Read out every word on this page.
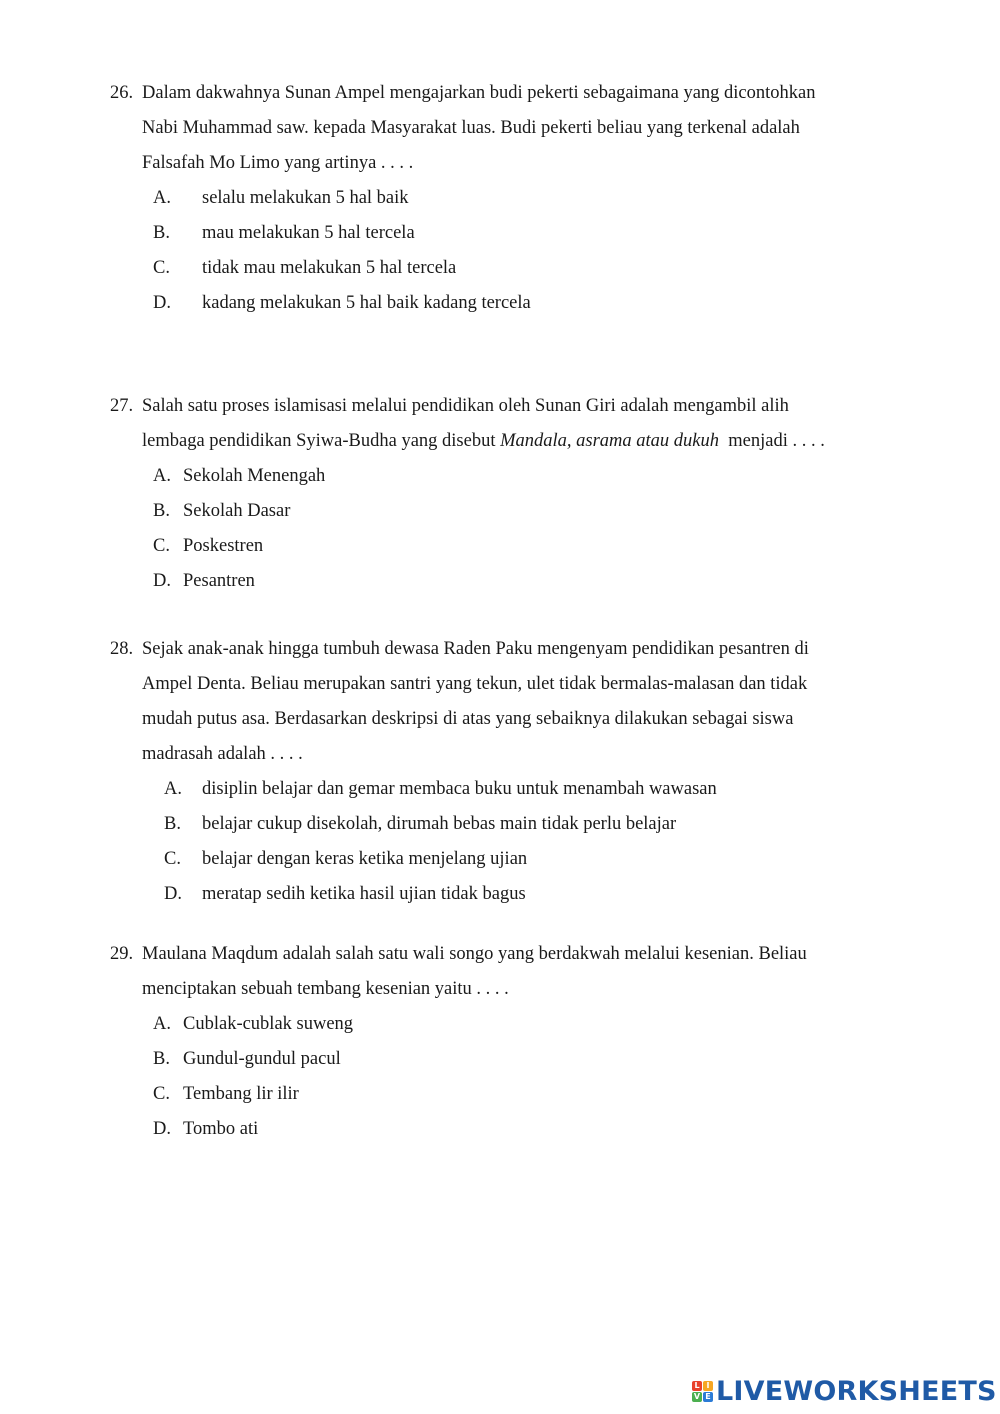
26. Dalam dakwahnya Sunan Ampel mengajarkan budi pekerti sebagaimana yang dicontohkan
Nabi Muhammad saw. kepada Masyarakat luas. Budi pekerti beliau yang terkenal adalah
Falsafah Mo Limo yang artinya . . . .
A. selalu melakukan 5 hal baik
B. mau melakukan 5 hal tercela
C. tidak mau melakukan 5 hal tercela
D. kadang melakukan 5 hal baik kadang tercela
27. Salah satu proses islamisasi melalui pendidikan oleh Sunan Giri adalah mengambil alih
lembaga pendidikan Syiwa-Budha yang disebut Mandala, asrama atau dukuh  menjadi . . . .
A. Sekolah Menengah
B. Sekolah Dasar
C. Poskestren
D. Pesantren
28. Sejak anak-anak hingga tumbuh dewasa Raden Paku mengenyam pendidikan pesantren di
Ampel Denta. Beliau merupakan santri yang tekun, ulet tidak bermalas-malasan dan tidak
mudah putus asa. Berdasarkan deskripsi di atas yang sebaiknya dilakukan sebagai siswa
madrasah adalah . . . .
A. disiplin belajar dan gemar membaca buku untuk menambah wawasan
B. belajar cukup disekolah, dirumah bebas main tidak perlu belajar
C. belajar dengan keras ketika menjelang ujian
D. meratap sedih ketika hasil ujian tidak bagus
29. Maulana Maqdum adalah salah satu wali songo yang berdakwah melalui kesenian. Beliau
menciptakan sebuah tembang kesenian yaitu . . . .
A. Cublak-cublak suweng
B. Gundul-gundul pacul
C. Tembang lir ilir
D. Tombo ati
L I
V E LIVEWORKSHEETS
